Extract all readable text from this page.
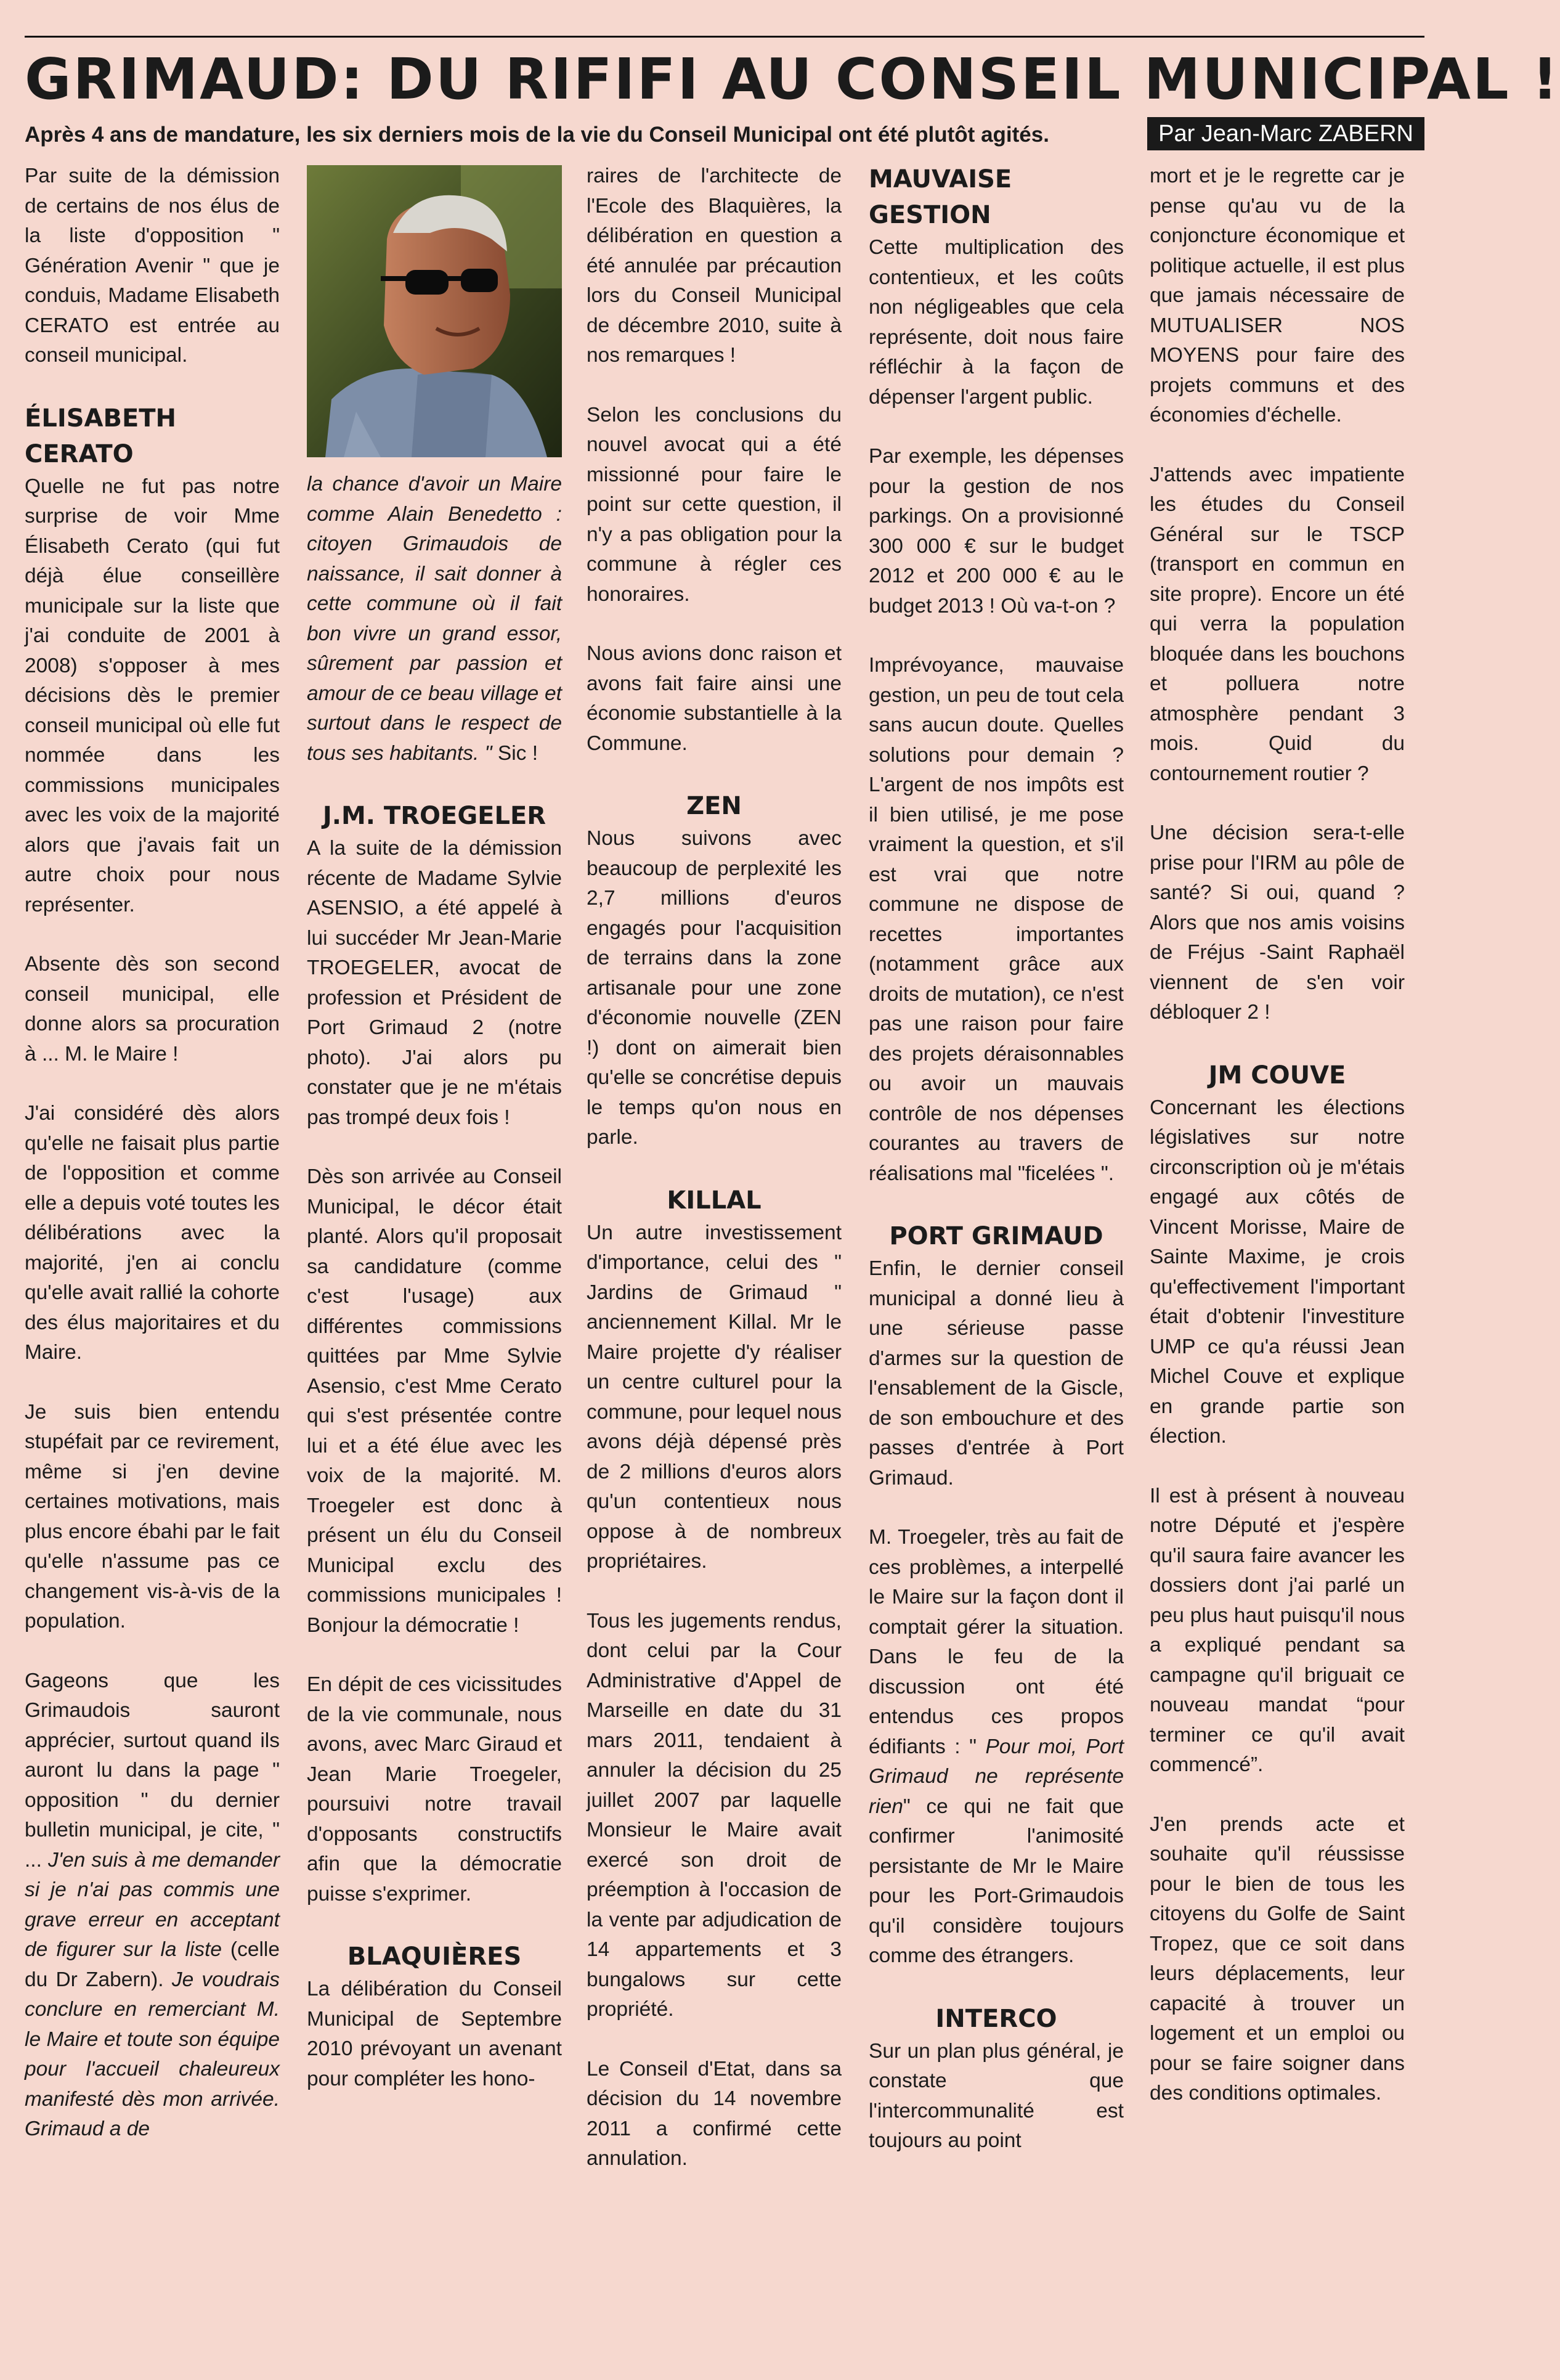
GRIMAUD: DU RIFIFI AU CONSEIL MUNICIPAL !
Après 4 ans de mandature, les six derniers mois de la vie du Conseil Municipal ont été plutôt agités.	Par Jean-Marc ZABERN

Par suite de la démission de certains de nos élus de la liste d'opposition " Génération Avenir " que je conduis, Madame Elisabeth CERATO est entrée au conseil municipal.

ÉLISABETH CERATO

Quelle ne fut pas notre surprise de voir Mme Élisabeth Cerato (qui fut déjà élue conseillère municipale sur la liste que j'ai conduite de 2001 à 2008) s'opposer à mes décisions dès le premier conseil municipal où elle fut nommée dans les commissions municipales avec les voix de la majorité alors que j'avais fait un autre choix pour nous représenter.

Absente dès son second conseil municipal, elle donne alors sa procuration à ... M. le Maire !

J'ai considéré dès alors qu'elle ne faisait plus partie de l'opposition et comme elle a depuis voté toutes les délibérations avec la majorité, j'en ai conclu qu'elle avait rallié la cohorte des élus majoritaires et du Maire.

Je suis bien entendu stupéfait par ce revirement, même si j'en devine certaines motivations, mais plus encore ébahi par le fait qu'elle n'assume pas ce changement vis-à-vis de la population.

Gageons que les Grimaudois sauront apprécier, surtout quand ils auront lu dans la page " opposition " du dernier bulletin municipal, je cite, " ... J'en suis à me demander si je n'ai pas commis une grave erreur en acceptant de figurer sur la liste (celle du Dr Zabern). Je voudrais conclure en remerciant M. le Maire et toute son équipe pour l'accueil chaleureux manifesté dès mon arrivée. Grimaud a de

la chance d'avoir un Maire comme Alain Benedetto : citoyen Grimaudois de naissance, il sait donner à cette commune où il fait bon vivre un grand essor, sûrement par passion et amour de ce beau village et surtout dans le respect de tous ses habitants. " Sic !

J.M. TROEGELER

A la suite de la démission récente de Madame Sylvie ASENSIO, a été appelé à lui succéder Mr Jean-Marie TROEGELER, avocat de profession et Président de Port Grimaud 2 (notre photo). J'ai alors pu constater que je ne m'étais pas trompé deux fois !

Dès son arrivée au Conseil Municipal, le décor était planté. Alors qu'il proposait sa candidature (comme c'est l'usage) aux différentes commissions quittées par Mme Sylvie Asensio, c'est Mme Cerato qui s'est présentée contre lui et a été élue avec les voix de la majorité. M. Troegeler est donc à présent un élu du Conseil Municipal exclu des commissions municipales ! Bonjour la démocratie !

En dépit de ces vicissitudes de la vie communale, nous avons, avec Marc Giraud et Jean Marie Troegeler, poursuivi notre travail d'opposants constructifs afin que la démocratie puisse s'exprimer.

BLAQUIÈRES

La délibération du Conseil Municipal de Septembre 2010 prévoyant un avenant pour compléter les hono-

raires de l'architecte de l'Ecole des Blaquières, la délibération en question a été annulée par précaution lors du Conseil Municipal de décembre 2010, suite à nos remarques !

Selon les conclusions du nouvel avocat qui a été missionné pour faire le point sur cette question, il n'y a pas obligation pour la commune à régler ces honoraires.

Nous avions donc raison et avons fait faire ainsi une économie substantielle à la Commune.

ZEN

Nous suivons avec beaucoup de perplexité les 2,7 millions d'euros engagés pour l'acquisition de terrains dans la zone artisanale pour une zone d'économie nouvelle (ZEN !) dont on aimerait bien qu'elle se concrétise depuis le temps qu'on nous en parle.

KILLAL

Un autre investissement d'importance, celui des " Jardins de Grimaud " anciennement Killal. Mr le Maire projette d'y réaliser un centre culturel pour la commune, pour lequel nous avons déjà dépensé près de 2 millions d'euros alors qu'un contentieux nous oppose à de nombreux propriétaires.

Tous les jugements rendus, dont celui par la Cour Administrative d'Appel de Marseille en date du 31 mars 2011, tendaient à annuler la décision du 25 juillet 2007 par laquelle Monsieur le Maire avait exercé son droit de préemption à l'occasion de la vente par adjudication de 14 appartements et 3 bungalows sur cette propriété.

Le Conseil d'Etat, dans sa décision du 14 novembre 2011 a confirmé cette annulation.

MAUVAISE GESTION

Cette multiplication des contentieux, et les coûts non négligeables que cela représente, doit nous faire réfléchir à la façon de dépenser l'argent public.

Par exemple, les dépenses pour la gestion de nos parkings. On a provisionné 300 000 € sur le budget 2012 et 200 000 € au le budget 2013 ! Où va-t-on ?

Imprévoyance, mauvaise gestion, un peu de tout cela sans aucun doute. Quelles solutions pour demain ? L'argent de nos impôts est il bien utilisé, je me pose vraiment la question, et s'il est vrai que notre commune ne dispose de recettes importantes (notamment grâce aux droits de mutation), ce n'est pas une raison pour faire des projets déraisonnables ou avoir un mauvais contrôle de nos dépenses courantes au travers de réalisations mal "ficelées ".

PORT GRIMAUD

Enfin, le dernier conseil municipal a donné lieu à une sérieuse passe d'armes sur la question de l'ensablement de la Giscle, de son embouchure et des passes d'entrée à Port Grimaud.

M. Troegeler, très au fait de ces problèmes, a interpellé le Maire sur la façon dont il comptait gérer la situation. Dans le feu de la discussion ont été entendus ces propos édifiants : " Pour moi, Port Grimaud ne représente rien" ce qui ne fait que confirmer l'animosité persistante de Mr le Maire pour les Port-Grimaudois qu'il considère toujours comme des étrangers.

INTERCO

Sur un plan plus général, je constate que l'intercommunalité est toujours au point

mort et je le regrette car je pense qu'au vu de la conjoncture économique et politique actuelle, il est plus que jamais nécessaire de MUTUALISER NOS MOYENS pour faire des projets communs et des économies d'échelle.

J'attends avec impatiente les études du Conseil Général sur le TSCP (transport en commun en site propre). Encore un été qui verra la population bloquée dans les bouchons et polluera notre atmosphère pendant 3 mois. Quid du contournement routier ?

Une décision sera-t-elle prise pour l'IRM au pôle de santé? Si oui, quand ? Alors que nos amis voisins de Fréjus -Saint Raphaël viennent de s'en voir débloquer 2 !

JM COUVE

Concernant les élections législatives sur notre circonscription où je m'étais engagé aux côtés de Vincent Morisse, Maire de Sainte Maxime, je crois qu'effectivement l'important était d'obtenir l'investiture UMP ce qu'a réussi Jean Michel Couve et explique en grande partie son élection.

Il est à présent à nouveau notre Député et j'espère qu'il saura faire avancer les dossiers dont j'ai parlé un peu plus haut puisqu'il nous a expliqué pendant sa campagne qu'il briguait ce nouveau mandat “pour terminer ce qu'il avait commencé”.

J'en prends acte et souhaite qu'il réussisse pour le bien de tous les citoyens du Golfe de Saint Tropez, que ce soit dans leurs déplacements, leur capacité à trouver un logement et un emploi ou pour se faire soigner dans des conditions optimales.
